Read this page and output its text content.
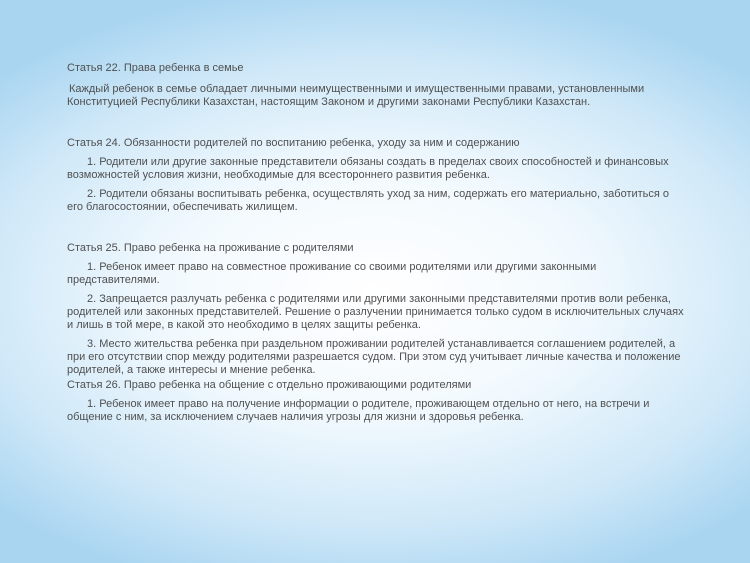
Статья 22. Права ребенка в семье

Каждый ребенок в семье обладает личными неимущественными и имущественными правами, установленными Конституцией Республики Казахстан, настоящим Законом и другими законами Республики Казахстан.

Статья 24. Обязанности родителей по воспитанию ребенка, уходу за ним и содержанию

1. Родители или другие законные представители обязаны создать в пределах своих способностей и финансовых возможностей условия жизни, необходимые для всестороннего развития ребенка.

2. Родители обязаны воспитывать ребенка, осуществлять уход за ним, содержать его материально, заботиться о его благосостоянии, обеспечивать жилищем.

Статья 25. Право ребенка на проживание с родителями

1. Ребенок имеет право на совместное проживание со своими родителями или другими законными представителями.

2. Запрещается разлучать ребенка с родителями или другими законными представителями против воли ребенка, родителей или законных представителей. Решение о разлучении принимается только судом в исключительных случаях и лишь в той мере, в какой это необходимо в целях защиты ребенка.

3. Место жительства ребенка при раздельном проживании родителей устанавливается соглашением родителей, а при его отсутствии спор между родителями разрешается судом. При этом суд учитывает личные качества и положение родителей, а также интересы и мнение ребенка.

Статья 26. Право ребенка на общение с отдельно проживающими родителями

1. Ребенок имеет право на получение информации о родителе, проживающем отдельно от него, на встречи и общение с ним, за исключением случаев наличия угрозы для жизни и здоровья ребенка.
